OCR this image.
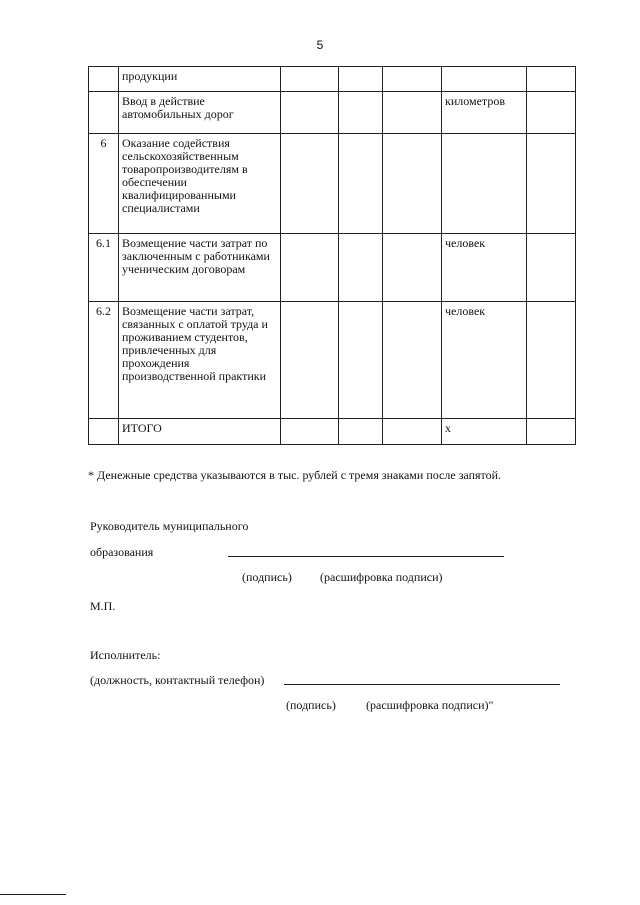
5
	продукции					
	Ввод в действие автомобильных дорог				километров	
6	Оказание содействия сельскохозяйственным товаропроизводителям в обеспечении квалифицированными специалистами					
6.1	Возмещение части затрат по заключенным с работниками ученическим договорам				человек	
6.2	Возмещение части затрат, связанных с оплатой труда и проживанием студентов, привлеченных для прохождения производственной практики				человек	
	ИТОГО				х	
* Денежные средства указываются в тыс. рублей с тремя знаками после запятой.
Руководитель муниципального
образования
(подпись) (расшифровка подписи)
М.П.
Исполнитель:
(должность, контактный телефон)
(подпись)	(расшифровка подписи)"
